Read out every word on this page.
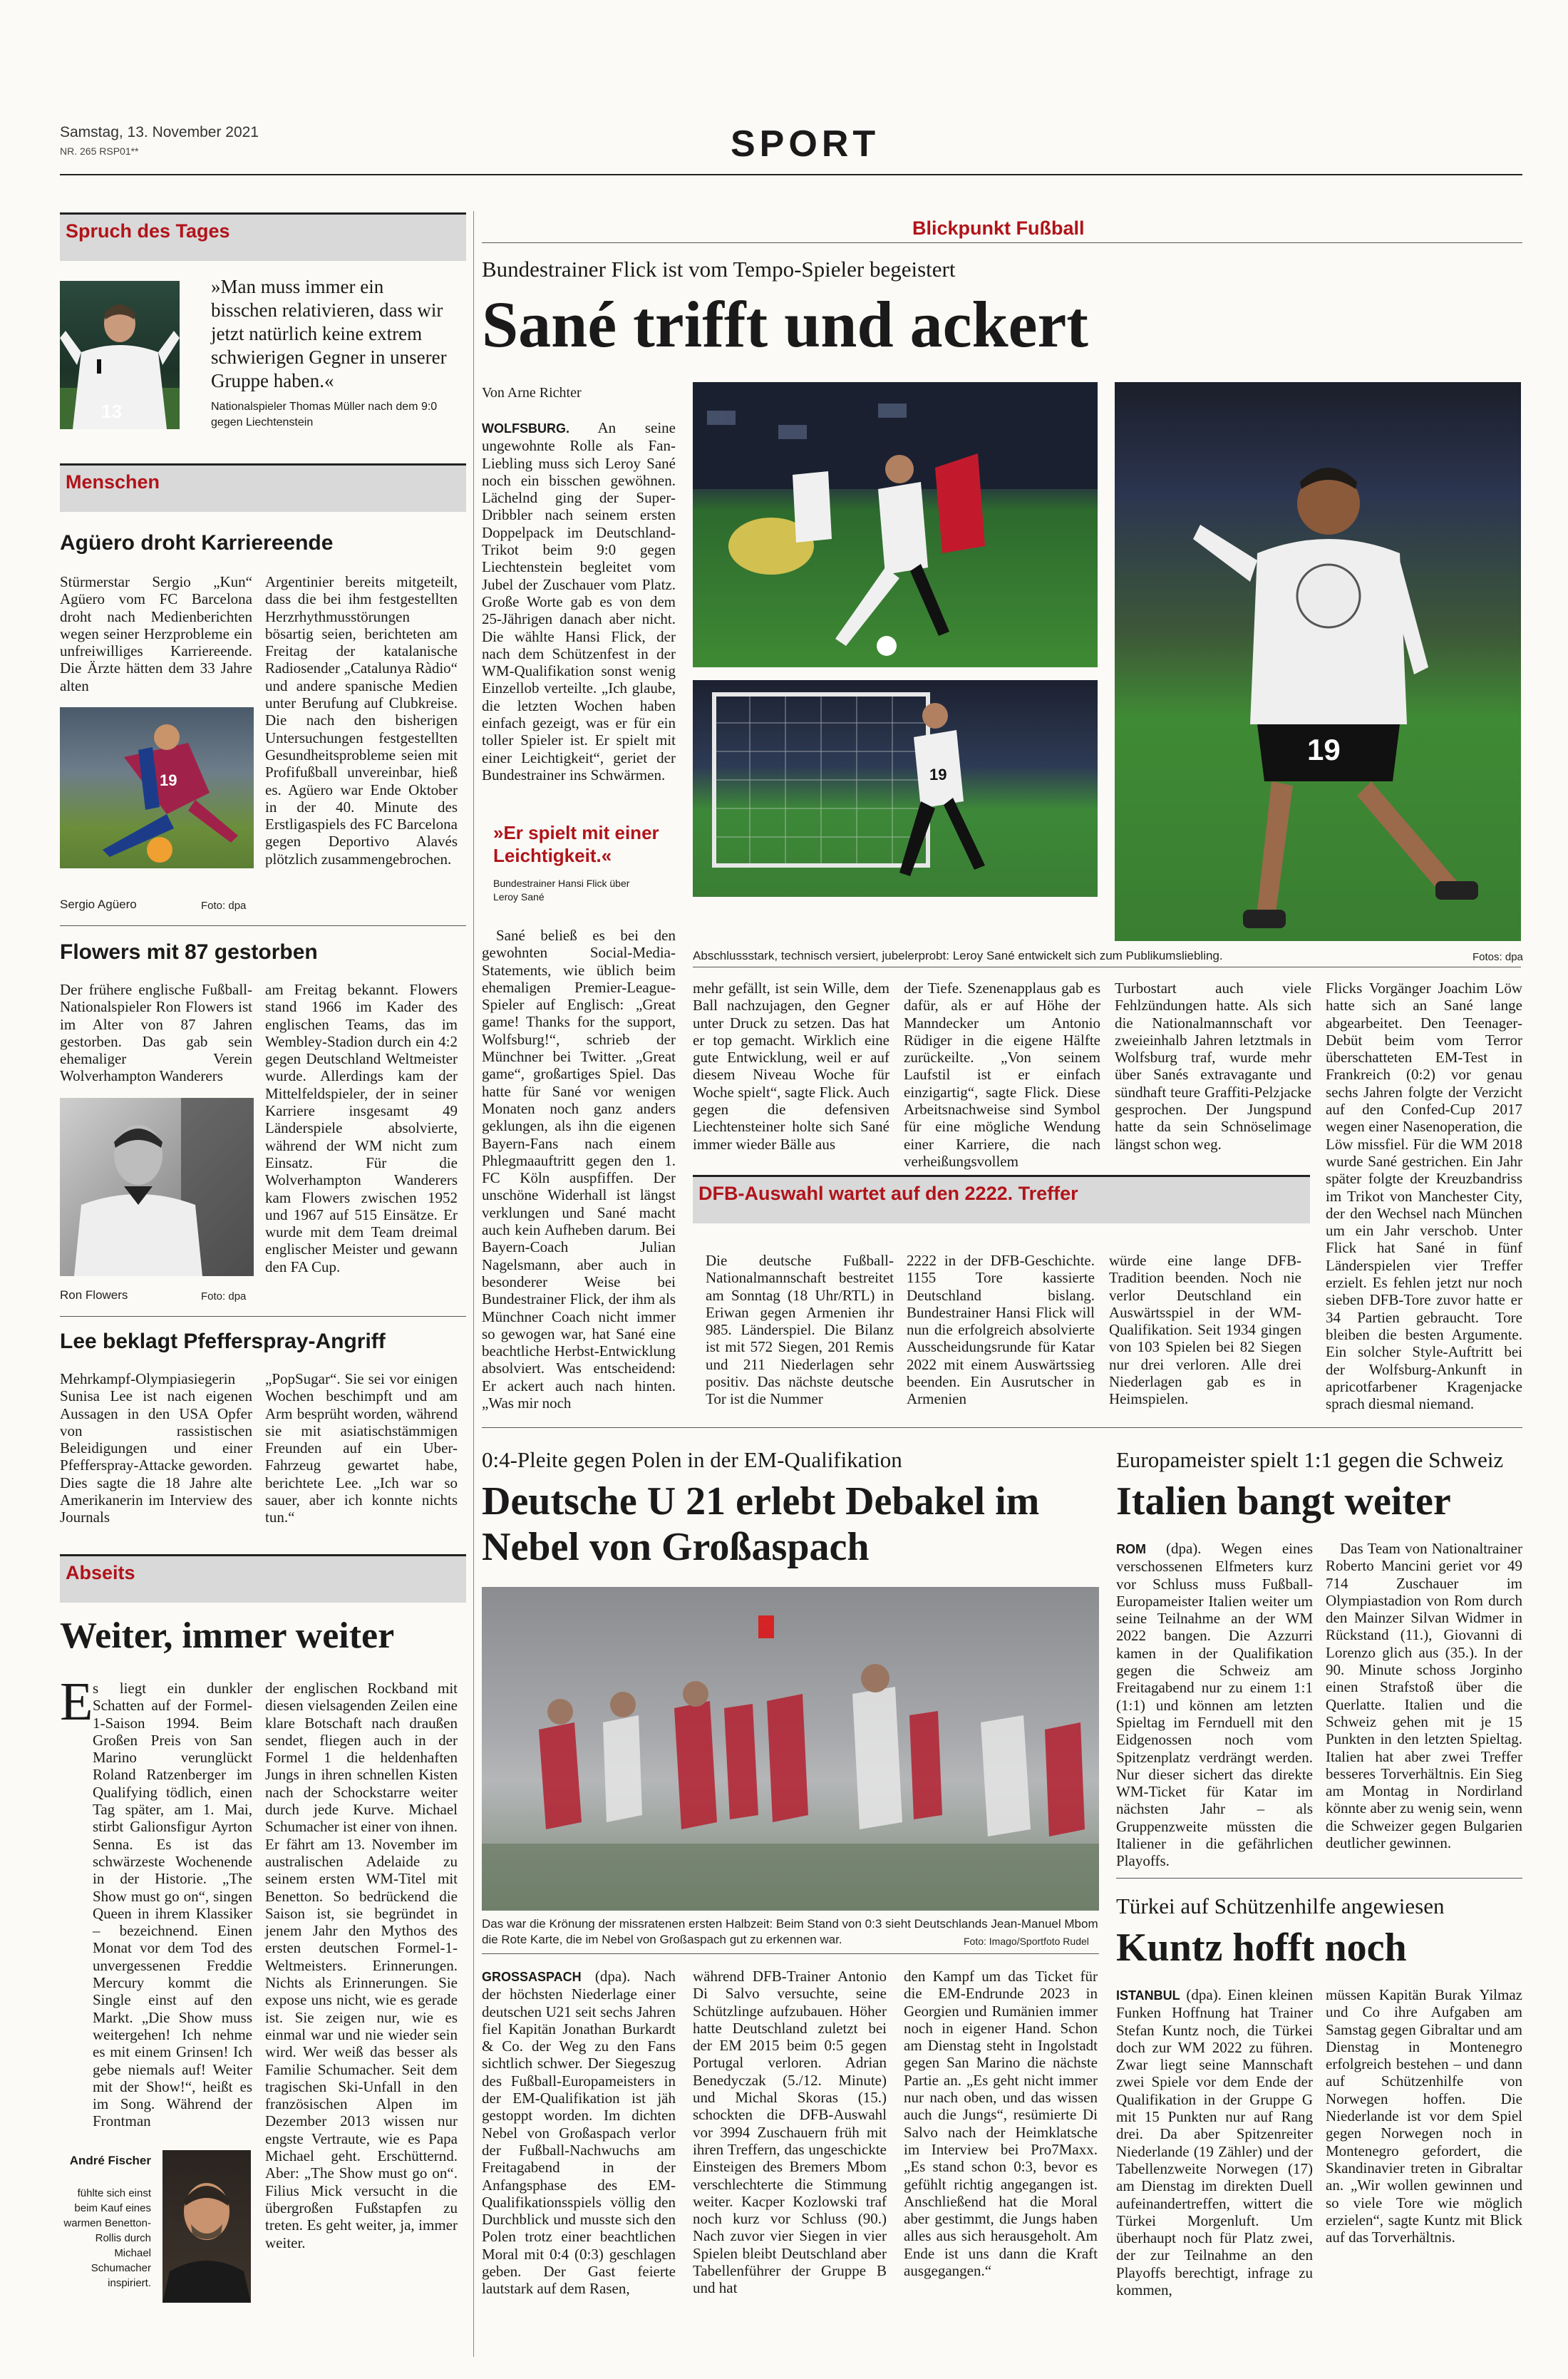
Samstag, 13. November 2021
NR. 265 RSP01**	SPORT
Spruch des Tages
13
»Man muss immer ein bisschen relativieren, dass wir jetzt natürlich keine extrem schwierigen Gegner in unserer Gruppe haben.«
Nationalspieler Thomas Müller nach dem 9:0 gegen Liechtenstein
Menschen
Agüero droht Karriereende

Stürmerstar Sergio „Kun“ Agüero vom FC Barcelona droht nach Medienberichten wegen seiner Herzprobleme ein unfreiwilliges Karriereende. Die Ärzte hätten dem 33 Jahre alten

Argentinier bereits mitgeteilt, dass die bei ihm festgestellten Herzrhythmusstörungen bösartig seien, berichteten am Freitag der katalanische Radiosender „Catalunya Ràdio“ und andere spanische Medien unter Berufung auf Clubkreise. Die nach den bisherigen Untersuchungen festgestellten Gesundheitsprobleme seien mit Profifußball unvereinbar, hieß es. Agüero war Ende Oktober in der 40. Minute des Erstligaspiels des FC Barcelona gegen Deportivo Alavés plötzlich zusammengebrochen.

19
Sergio Agüero	Foto: dpa
Flowers mit 87 gestorben

Der frühere englische Fußball-Nationalspieler Ron Flowers ist im Alter von 87 Jahren gestorben. Das gab sein ehemaliger Verein Wolverhampton Wanderers

am Freitag bekannt. Flowers stand 1966 im Kader des englischen Teams, das im Wembley-Stadion durch ein 4:2 gegen Deutschland Weltmeister wurde. Allerdings kam der Mittelfeldspieler, der in seiner Karriere insgesamt 49 Länderspiele absolvierte, während der WM nicht zum Einsatz. Für die Wolverhampton Wanderers kam Flowers zwischen 1952 und 1967 auf 515 Einsätze. Er wurde mit dem Team dreimal englischer Meister und gewann den FA Cup.

Ron Flowers	Foto: dpa
Lee beklagt Pfefferspray-Angriff

Mehrkampf-Olympiasiegerin Sunisa Lee ist nach eigenen Aussagen in den USA Opfer von rassistischen Beleidigungen und einer Pfefferspray-Attacke geworden. Dies sagte die 18 Jahre alte Amerikanerin im Interview des Journals

„PopSugar“. Sie sei vor einigen Wochen beschimpft und am Arm besprüht worden, während sie mit asiatischstämmigen Freunden auf ein Uber-Fahrzeug gewartet habe, berichtete Lee. „Ich war so sauer, aber ich konnte nichts tun.“

Abseits
Weiter, immer weiter
E s liegt ein dunkler Schatten auf der Formel-1-Saison 1994. Beim Großen Preis von San Marino verunglückt Roland Ratzenberger im Qualifying tödlich, einen Tag später, am 1. Mai, stirbt Galionsfigur Ayrton Senna. Es ist das schwärzeste Wochenende in der Historie. „The Show must go on“, singen Queen in ihrem Klassiker – bezeichnend. Einen Monat vor dem Tod des unvergessenen Freddie Mercury kommt die Single einst auf den Markt. „Die Show muss weitergehen! Ich nehme es mit einem Grinsen! Ich gebe niemals auf! Weiter mit der Show!“, heißt es im Song. Während der Frontman

der englischen Rockband mit diesen vielsagenden Zeilen eine klare Botschaft nach draußen sendet, fliegen auch in der Formel 1 die heldenhaften Jungs in ihren schnellen Kisten nach der Schockstarre weiter durch jede Kurve. Michael Schumacher ist einer von ihnen. Er fährt am 13. November im australischen Adelaide zu seinem ersten WM-Titel mit Benetton. So bedrückend die Saison ist, sie begründet in jenem Jahr den Mythos des ersten deutschen Formel-1-Weltmeisters. Erinnerungen. Nichts als Erinnerungen. Sie expose uns nicht, wie es gerade ist. Sie zeigen nur, wie es einmal war und nie wieder sein wird. Wer weiß das besser als Familie Schumacher. Seit dem tragischen Ski-Unfall in den französischen Alpen im Dezember 2013 wissen nur engste Vertraute, wie es Papa Michael geht. Erschütternd. Aber: „The Show must go on“. Filius Mick versucht in die übergroßen Fußstapfen zu treten. Es geht weiter, ja, immer weiter.

André Fischer
fühlte sich einst beim Kauf eines warmen Benetton-Rollis durch Michael Schumacher inspiriert.
Blickpunkt Fußball
Bundestrainer Flick ist vom Tempo-Spieler begeistert
Sané trifft und ackert
Von Arne Richter

WOLFSBURG. An seine ungewohnte Rolle als Fan-Liebling muss sich Leroy Sané noch ein bisschen gewöhnen. Lächelnd ging der Super-Dribbler nach seinem ersten Doppelpack im Deutschland-Trikot beim 9:0 gegen Liechtenstein begleitet vom Jubel der Zuschauer vom Platz. Große Worte gab es von dem 25-Jährigen danach aber nicht. Die wählte Hansi Flick, der nach dem Schützenfest in der WM-Qualifikation sonst wenig Einzellob verteilte. „Ich glaube, die letzten Wochen haben einfach gezeigt, was er für ein toller Spieler ist. Er spielt mit einer Leichtigkeit“, geriet der Bundestrainer ins Schwärmen.

»Er spielt mit einer Leichtigkeit.«
Bundestrainer Hansi Flick über Leroy Sané
19
19
Abschlussstark, technisch versiert, jubelerprobt: Leroy Sané entwickelt sich zum Publikumsliebling.	Fotos: dpa

Sané beließ es bei den gewohnten Social-Media-Statements, wie üblich beim ehemaligen Premier-League-Spieler auf Englisch: „Great game! Thanks for the support, Wolfsburg!“, schrieb der Münchner bei Twitter. „Great game“, großartiges Spiel. Das hatte für Sané vor wenigen Monaten noch ganz anders geklungen, als ihn die eigenen Bayern-Fans nach einem Phlegmaauftritt gegen den 1. FC Köln auspfiffen. Der unschöne Widerhall ist längst verklungen und Sané macht auch kein Aufheben darum. Bei Bayern-Coach Julian Nagelsmann, aber auch in besonderer Weise bei Bundestrainer Flick, der ihm als Münchner Coach nicht immer so gewogen war, hat Sané eine beachtliche Herbst-Entwicklung absolviert. Was entscheidend: Er ackert auch nach hinten. „Was mir noch

mehr gefällt, ist sein Wille, dem Ball nachzujagen, den Gegner unter Druck zu setzen. Das hat er top gemacht. Wirklich eine gute Entwicklung, weil er auf diesem Niveau Woche für Woche spielt“, sagte Flick. Auch gegen die defensiven Liechtensteiner holte sich Sané immer wieder Bälle aus

der Tiefe. Szenenapplaus gab es dafür, als er auf Höhe der Manndecker um Antonio Rüdiger in die eigene Hälfte zurückeilte. „Von seinem Laufstil ist er einfach einzigartig“, sagte Flick. Diese Arbeitsnachweise sind Symbol für eine mögliche Wendung einer Karriere, die nach verheißungsvollem

Turbostart auch viele Fehlzündungen hatte. Als sich die Nationalmannschaft vor zweieinhalb Jahren letztmals in Wolfsburg traf, wurde mehr über Sanés extravagante und sündhaft teure Graffiti-Pelzjacke gesprochen. Der Jungspund hatte da sein Schnöselimage längst schon weg.

Flicks Vorgänger Joachim Löw hatte sich an Sané lange abgearbeitet. Den Teenager-Debüt beim vom Terror überschatteten EM-Test in Frankreich (0:2) vor genau sechs Jahren folgte der Verzicht auf den Confed-Cup 2017 wegen einer Nasenoperation, die Löw missfiel. Für die WM 2018 wurde Sané gestrichen. Ein Jahr später folgte der Kreuzbandriss im Trikot von Manchester City, der den Wechsel nach München um ein Jahr verschob. Unter Flick hat Sané in fünf Länderspielen vier Treffer erzielt. Es fehlen jetzt nur noch sieben DFB-Tore zuvor hatte er 34 Partien gebraucht. Tore bleiben die besten Argumente. Ein solcher Style-Auftritt bei der Wolfsburg-Ankunft in apricotfarbener Kragenjacke sprach diesmal niemand.

DFB-Auswahl wartet auf den 2222. Treffer

Die deutsche Fußball-Nationalmannschaft bestreitet am Sonntag (18 Uhr/RTL) in Eriwan gegen Armenien ihr 985. Länderspiel. Die Bilanz ist mit 572 Siegen, 201 Remis und 211 Niederlagen sehr positiv. Das nächste deutsche Tor ist die Nummer

2222 in der DFB-Geschichte. 1155 Tore kassierte Deutschland bislang. Bundestrainer Hansi Flick will nun die erfolgreich absolvierte Ausscheidungsrunde für Katar 2022 mit einem Auswärtssieg beenden. Ein Ausrutscher in Armenien

würde eine lange DFB-Tradition beenden. Noch nie verlor Deutschland ein Auswärtsspiel in der WM-Qualifikation. Seit 1934 gingen von 103 Spielen bei 82 Siegen nur drei verloren. Alle drei Niederlagen gab es in Heimspielen.

0:4-Pleite gegen Polen in der EM-Qualifikation
Deutsche U 21 erlebt Debakel im Nebel von Großaspach
Das war die Krönung der missratenen ersten Halbzeit: Beim Stand von 0:3 sieht Deutschlands Jean-Manuel Mbom die Rote Karte, die im Nebel von Großaspach gut zu erkennen war.	Foto: Imago/Sportfoto Rudel

GROSSASPACH (dpa). Nach der höchsten Niederlage einer deutschen U21 seit sechs Jahren fiel Kapitän Jonathan Burkardt & Co. der Weg zu den Fans sichtlich schwer. Der Siegeszug des Fußball-Europameisters in der EM-Qualifikation ist jäh gestoppt worden. Im dichten Nebel von Großaspach verlor der Fußball-Nachwuchs am Freitagabend in der Anfangsphase des EM-Qualifikationsspiels völlig den Durchblick und musste sich den Polen trotz einer beachtlichen Moral mit 0:4 (0:3) geschlagen geben. Der Gast feierte lautstark auf dem Rasen,

während DFB-Trainer Antonio Di Salvo versuchte, seine Schützlinge aufzubauen. Höher hatte Deutschland zuletzt bei der EM 2015 beim 0:5 gegen Portugal verloren. Adrian Benedyczak (5./12. Minute) und Michal Skoras (15.) schockten die DFB-Auswahl vor 3994 Zuschauern früh mit ihren Treffern, das ungeschickte Einsteigen des Bremers Mbom verschlechterte die Stimmung weiter. Kacper Kozlowski traf noch kurz vor Schluss (90.) Nach zuvor vier Siegen in vier Spielen bleibt Deutschland aber Tabellenführer der Gruppe B und hat

den Kampf um das Ticket für die EM-Endrunde 2023 in Georgien und Rumänien immer noch in eigener Hand. Schon am Dienstag steht in Ingolstadt gegen San Marino die nächste Partie an. „Es geht nicht immer nur nach oben, und das wissen auch die Jungs“, resümierte Di Salvo nach der Heimklatsche im Interview bei Pro7Maxx. „Es stand schon 0:3, bevor es gefühlt richtig angegangen ist. Anschließend hat die Moral aber gestimmt, die Jungs haben alles aus sich herausgeholt. Am Ende ist uns dann die Kraft ausgegangen.“

Europameister spielt 1:1 gegen die Schweiz
Italien bangt weiter

ROM (dpa). Wegen eines verschossenen Elfmeters kurz vor Schluss muss Fußball-Europameister Italien weiter um seine Teilnahme an der WM 2022 bangen. Die Azzurri kamen in der Qualifikation gegen die Schweiz am Freitagabend nur zu einem 1:1 (1:1) und können am letzten Spieltag im Fernduell mit den Eidgenossen noch vom Spitzenplatz verdrängt werden. Nur dieser sichert das direkte WM-Ticket für Katar im nächsten Jahr – als Gruppenzweite müssten die Italiener in die gefährlichen Playoffs.

Das Team von Nationaltrainer Roberto Mancini geriet vor 49 714 Zuschauer im Olympiastadion von Rom durch den Mainzer Silvan Widmer in Rückstand (11.), Giovanni di Lorenzo glich aus (35.). In der 90. Minute schoss Jorginho einen Strafstoß über die Querlatte. Italien und die Schweiz gehen mit je 15 Punkten in den letzten Spieltag. Italien hat aber zwei Treffer besseres Torverhältnis. Ein Sieg am Montag in Nordirland könnte aber zu wenig sein, wenn die Schweizer gegen Bulgarien deutlicher gewinnen.

Türkei auf Schützenhilfe angewiesen
Kuntz hofft noch

ISTANBUL (dpa). Einen kleinen Funken Hoffnung hat Trainer Stefan Kuntz noch, die Türkei doch zur WM 2022 zu führen. Zwar liegt seine Mannschaft zwei Spiele vor dem Ende der Qualifikation in der Gruppe G mit 15 Punkten nur auf Rang drei. Da aber Spitzenreiter Niederlande (19 Zähler) und der Tabellenzweite Norwegen (17) am Dienstag im direkten Duell aufeinandertreffen, wittert die Türkei Morgenluft. Um überhaupt noch für Platz zwei, der zur Teilnahme an den Playoffs berechtigt, infrage zu kommen,

müssen Kapitän Burak Yilmaz und Co ihre Aufgaben am Samstag gegen Gibraltar und am Dienstag in Montenegro erfolgreich bestehen – und dann auf Schützenhilfe von Norwegen hoffen. Die Niederlande ist vor dem Spiel gegen Norwegen noch in Montenegro gefordert, die Skandinavier treten in Gibraltar an. „Wir wollen gewinnen und so viele Tore wie möglich erzielen“, sagte Kuntz mit Blick auf das Torverhältnis.
